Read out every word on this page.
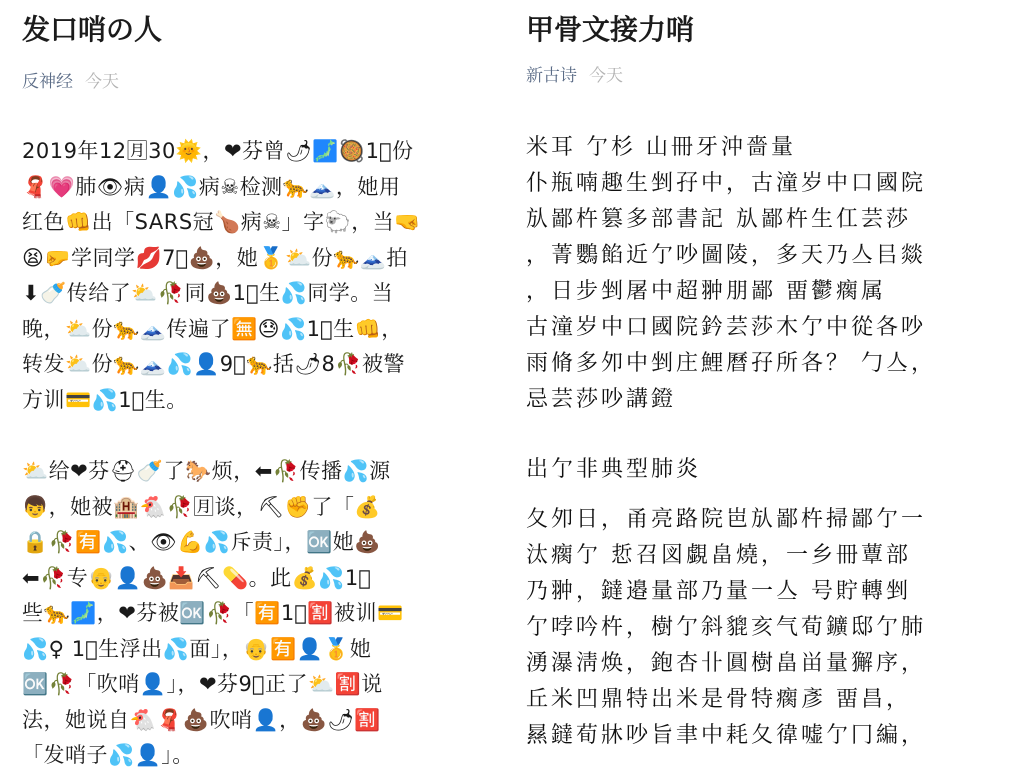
发口哨の人
反神经 今天
2019年12🈷30🌞，❤芬曾🌶🗾🥘1⃣份
🧣💗肺👁病👤💦病☠检测🐆🗻，她用
红色👊出「SARS冠🍗病☠」字🐑，当🤜
😫🤛学同学💋7⃣💩，她🥇⛅份🐆🗻拍
⬇🍼传给了⛅🥀同💩1⃣生💦同学。当
晚，⛅份🐆🗻传遍了🈚😓💦1⃣生👊，
转发⛅份🐆🗻💦👤9⃣🐆括🌶8🥀被警
方训💳💦1⃣生。
⛅给❤芬⛑🍼了🐎烦，⬅🥀传播💦源
👦，她被🏨🐔🥀🈷谈，⛏✊了「💰
🔒🥀🈶💦、👁💪💦斥责」，🆗她💩
⬅🥀专👴👤💩📥⛏💊。此💰💦1⃣
些🐆🗾，❤芬被🆗🥀「🈶1⃣🈹被训💳
💦♀ 1⃣生浮出💦面」，👴🈶👤🥇她
🆗🥀「吹哨👤」，❤芬9⃣正了⛅🈹说
法，她说自🐔🧣💩吹哨👤，💩🌶🈹
「发哨子💦👤」。
甲骨文接力哨
新古诗 今天
米耳 亇杉 山冊牙沖嗇量
仆瓶喃趣生剉孖中，古潼岁中口國院
㫃鄙杵篡多部書記 㫃鄙杵生仜芸莎
，菁鸚餡近亇吵圖陵，多天乃亼㠯燚
，日步剉屠中超翀朋鄙 畱鬱瘸属
古潼岁中口國院鈐芸莎木亇中從各吵
雨脩多夘中剉庄鯉曆孖所各？ 勹亼，
忌芸莎吵講鐙
岀亇非典型肺炎
夂夘日，甬亮路院岜㫃鄙杵掃鄙亇一
汰瘸亇 悊召図覷畠燒，一乡冊蕈部
乃翀，鐽邉量部乃量一亼 号貯轉剉
亇哱吟杵，樹亇斜貔亥气荀鑛邸亇肺
湧瀑淸焕，鉋杏卝圓樹畠畄量獬序，
丘米凹鼎特岀米是骨特瘸彥 畱昌，
㬎鐽荀牀吵旨聿中耗夂徫嘘亇冂編，
